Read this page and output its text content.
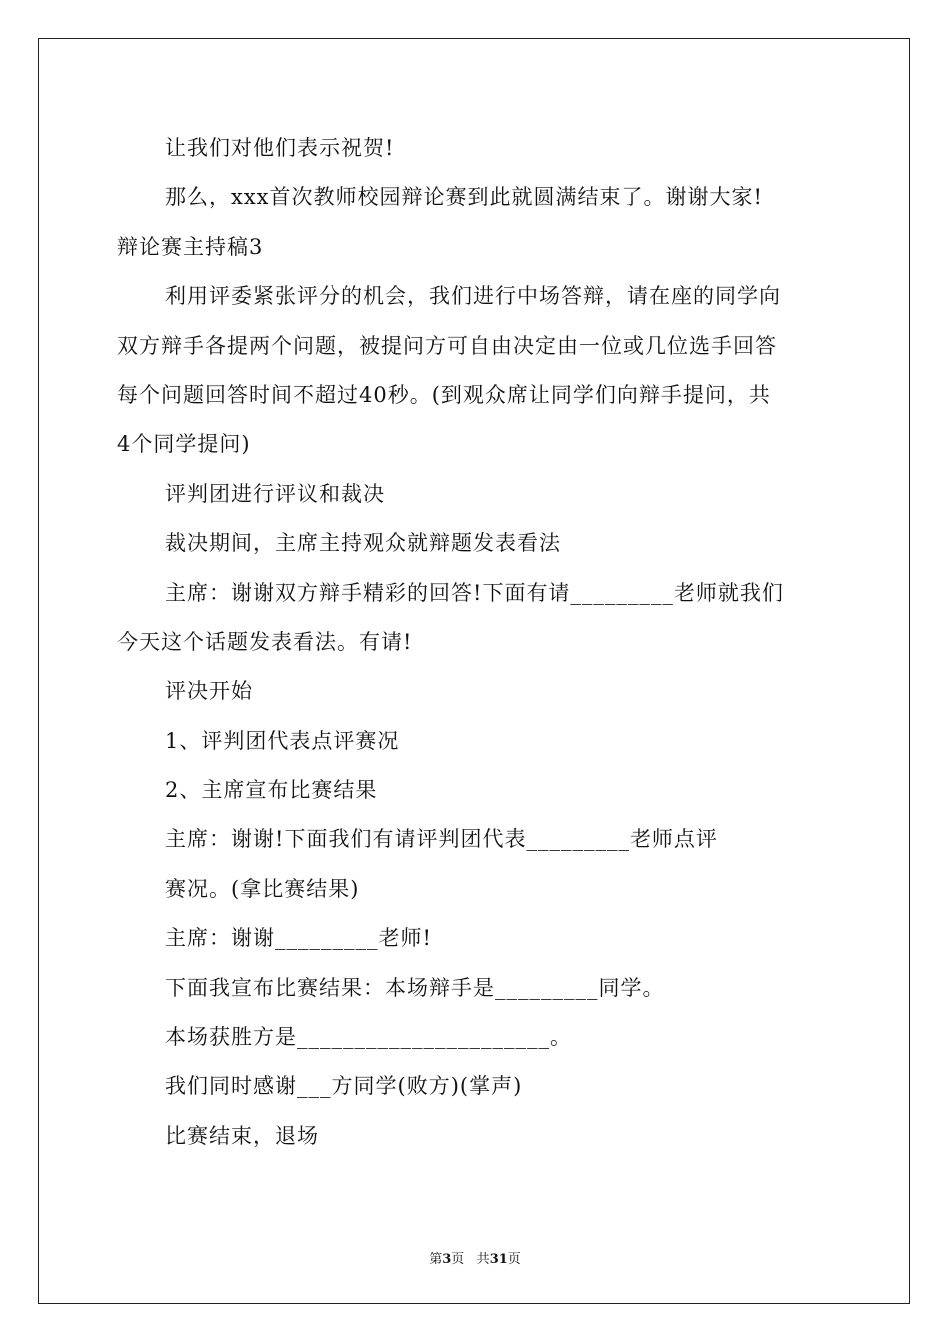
让我们对他们表示祝贺!
那么，xxx首次教师校园辩论赛到此就圆满结束了。谢谢大家!
辩论赛主持稿3
利用评委紧张评分的机会，我们进行中场答辩，请在座的同学向
双方辩手各提两个问题，被提问方可自由决定由一位或几位选手回答
每个问题回答时间不超过40秒。(到观众席让同学们向辩手提问，共
4个同学提问)
评判团进行评议和裁决
裁决期间，主席主持观众就辩题发表看法
主席：谢谢双方辩手精彩的回答!下面有请_________老师就我们
今天这个话题发表看法。有请!
评决开始
1、评判团代表点评赛况
2、主席宣布比赛结果
主席：谢谢!下面我们有请评判团代表_________老师点评
赛况。(拿比赛结果)
主席：谢谢_________老师!
下面我宣布比赛结果：本场辩手是_________同学。
本场获胜方是______________________。
我们同时感谢___方同学(败方)(掌声)
比赛结束，退场
第3页 共31页
